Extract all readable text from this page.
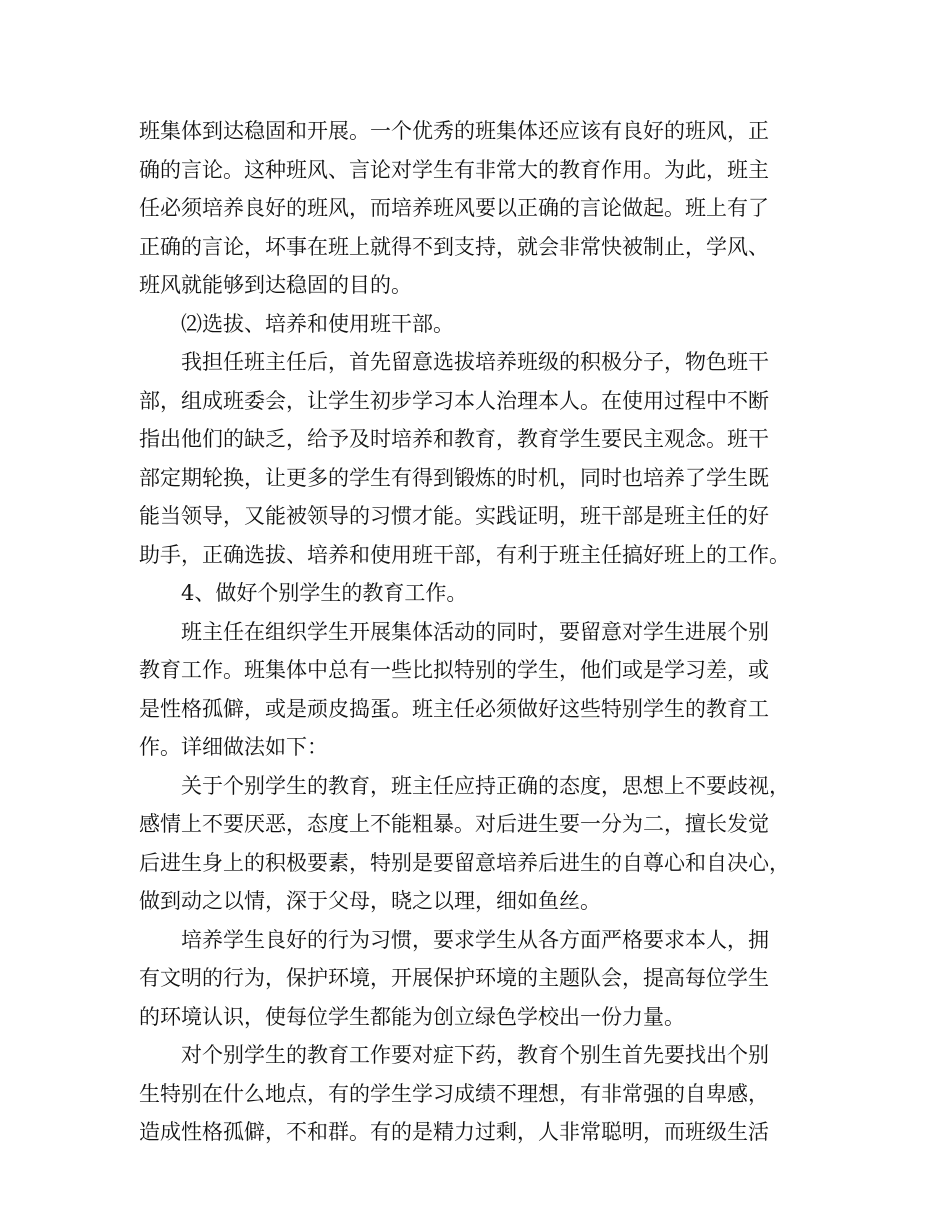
班集体到达稳固和开展。一个优秀的班集体还应该有良好的班风，正
确的言论。这种班风、言论对学生有非常大的教育作用。为此，班主
任必须培养良好的班风，而培养班风要以正确的言论做起。班上有了
正确的言论，坏事在班上就得不到支持，就会非常快被制止，学风、
班风就能够到达稳固的目的。
　　⑵选拔、培养和使用班干部。
　　我担任班主任后，首先留意选拔培养班级的积极分子，物色班干
部，组成班委会，让学生初步学习本人治理本人。在使用过程中不断
指出他们的缺乏，给予及时培养和教育，教育学生要民主观念。班干
部定期轮换，让更多的学生有得到锻炼的时机，同时也培养了学生既
能当领导，又能被领导的习惯才能。实践证明，班干部是班主任的好
助手，正确选拔、培养和使用班干部，有利于班主任搞好班上的工作。
　　4、做好个别学生的教育工作。
　　班主任在组织学生开展集体活动的同时，要留意对学生进展个别
教育工作。班集体中总有一些比拟特别的学生，他们或是学习差，或
是性格孤僻，或是顽皮捣蛋。班主任必须做好这些特别学生的教育工
作。详细做法如下：
　　关于个别学生的教育，班主任应持正确的态度，思想上不要歧视，
感情上不要厌恶，态度上不能粗暴。对后进生要一分为二，擅长发觉
后进生身上的积极要素，特别是要留意培养后进生的自尊心和自决心，
做到动之以情，深于父母，晓之以理，细如鱼丝。
　　培养学生良好的行为习惯，要求学生从各方面严格要求本人，拥
有文明的行为，保护环境，开展保护环境的主题队会，提高每位学生
的环境认识，使每位学生都能为创立绿色学校出一份力量。
　　对个别学生的教育工作要对症下药，教育个别生首先要找出个别
生特别在什么地点，有的学生学习成绩不理想，有非常强的自卑感，
造成性格孤僻，不和群。有的是精力过剩，人非常聪明，而班级生活
